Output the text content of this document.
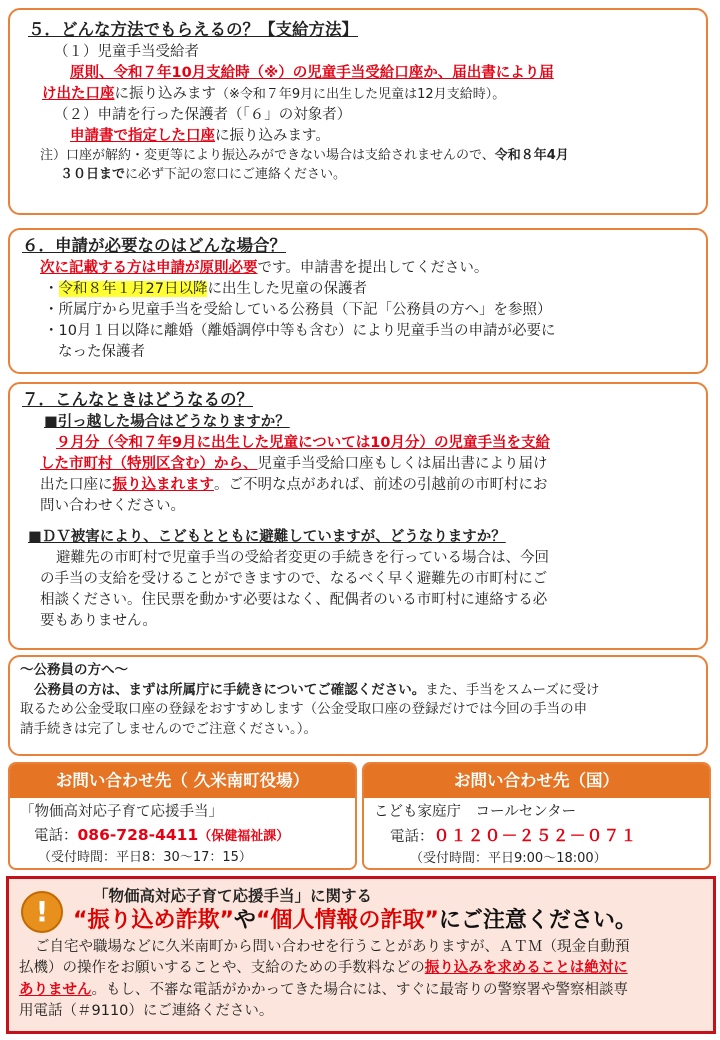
５．どんな方法でもらえるの？【支給方法】
（１）児童手当受給者
原則、令和７年10月支給時（※）の児童手当受給口座か、届出書により届
け出た口座に振り込みます（※令和７年9月に出生した児童は12月支給時）。
（２）申請を行った保護者（「６」の対象者）
申請書で指定した口座に振り込みます。
注）口座が解約・変更等により振込みができない場合は支給されませんので、令和８年4月
３０日までに必ず下記の窓口にご連絡ください。
６．申請が必要なのはどんな場合？
次に記載する方は申請が原則必要です。申請書を提出してください。
・令和８年１月27日以降に出生した児童の保護者
・所属庁から児童手当を受給している公務員（下記「公務員の方へ」を参照）
・10月１日以降に離婚（離婚調停中等も含む）により児童手当の申請が必要に
なった保護者
７．こんなときはどうなるの？
■引っ越した場合はどうなりますか？
９月分（令和７年9月に出生した児童については10月分）の児童手当を支給
した市町村（特別区含む）から、児童手当受給口座もしくは届出書により届け
出た口座に振り込まれます。ご不明な点があれば、前述の引越前の市町村にお
問い合わせください。
■ＤＶ被害により、こどもとともに避難していますが、どうなりますか？
避難先の市町村で児童手当の受給者変更の手続きを行っている場合は、今回
の手当の支給を受けることができますので、なるべく早く避難先の市町村にご
相談ください。住民票を動かす必要はなく、配偶者のいる市町村に連絡する必
要もありません。
～公務員の方へ～
公務員の方は、まずは所属庁に手続きについてご確認ください。また、手当をスムーズに受け
取るため公金受取口座の登録をおすすめします（公金受取口座の登録だけでは今回の手当の申
請手続きは完了しませんのでご注意ください。）。
お問い合わせ先（ 久米南町役場）
「物価高対応子育て応援手当」
電話：086-728-4411（保健福祉課）
（受付時間：平日8：30～17：15）
お問い合わせ先（国）
こども家庭庁　コールセンター
電話：０１２０－２５２－０７１
（受付時間：平日9:00～18:00）
!	「物価高対応子育て応援手当」に関する
“振り込め詐欺”や“個人情報の詐取”にご注意ください。
ご自宅や職場などに久米南町から問い合わせを行うことがありますが、ＡＴＭ（現金自動預
払機）の操作をお願いすることや、支給のための手数料などの振り込みを求めることは絶対に
ありません。もし、不審な電話がかかってきた場合には、すぐに最寄りの警察署や警察相談専
用電話（＃9110）にご連絡ください。
